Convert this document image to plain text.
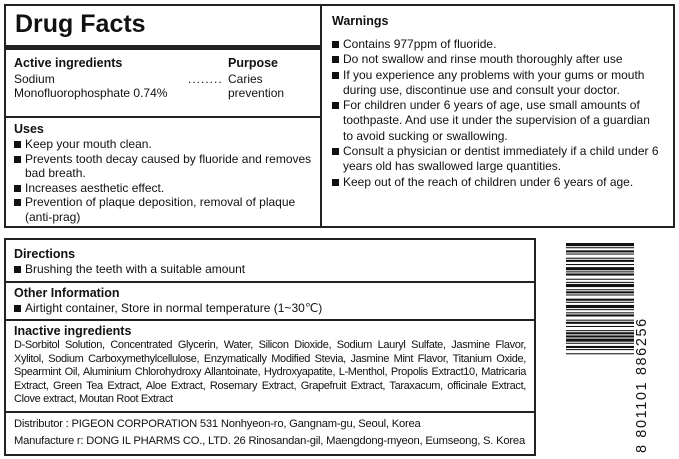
Drug Facts
Active ingredients	Purpose
Sodium
Monofluorophosphate 0.74%
........ Caries
prevention
Uses
Keep your mouth clean.
Prevents tooth decay caused by fluoride and removes bad breath.
Increases aesthetic effect.
Prevention of plaque deposition, removal of plaque (anti-prag)
Warnings
Contains 977ppm of fluoride.
Do not swallow and rinse mouth thoroughly after use
If you experience any problems with your gums or mouth during use, discontinue use and consult your doctor.
For children under 6 years of age, use small amounts of toothpaste. And use it under the supervision of a guardian to avoid sucking or swallowing.
Consult a physician or dentist immediately if a child under 6 years old has swallowed large quantities.
Keep out of the reach of children under 6 years of age.
Directions
Brushing the teeth with a suitable amount
Other Information
Airtight container, Store in normal temperature (1~30℃)
Inactive ingredients
D-Sorbitol Solution, Concentrated Glycerin, Water, Silicon Dioxide, Sodium Lauryl Sulfate, Jasmine Flavor, Xylitol, Sodium Carboxymethylcellulose, Enzymatically Modified Stevia, Jasmine Mint Flavor, Titanium Oxide, Spearmint Oil, Aluminium Chlorohydroxy Allantoinate, Hydroxyapatite, L-Menthol, Propolis Extract10, Matricaria Extract, Green Tea Extract, Aloe Extract, Rosemary Extract, Grapefruit Extract, Taraxacum, officinale Extract, Clove extract, Moutan Root Extract
Distributor : PIGEON CORPORATION 531 Nonhyeon-ro, Gangnam-gu, Seoul, Korea
Manufacture r: DONG IL PHARMS CO., LTD. 26 Rinosandan-gil, Maengdong-myeon, Eumseong, S. Korea	8 801101 886256
